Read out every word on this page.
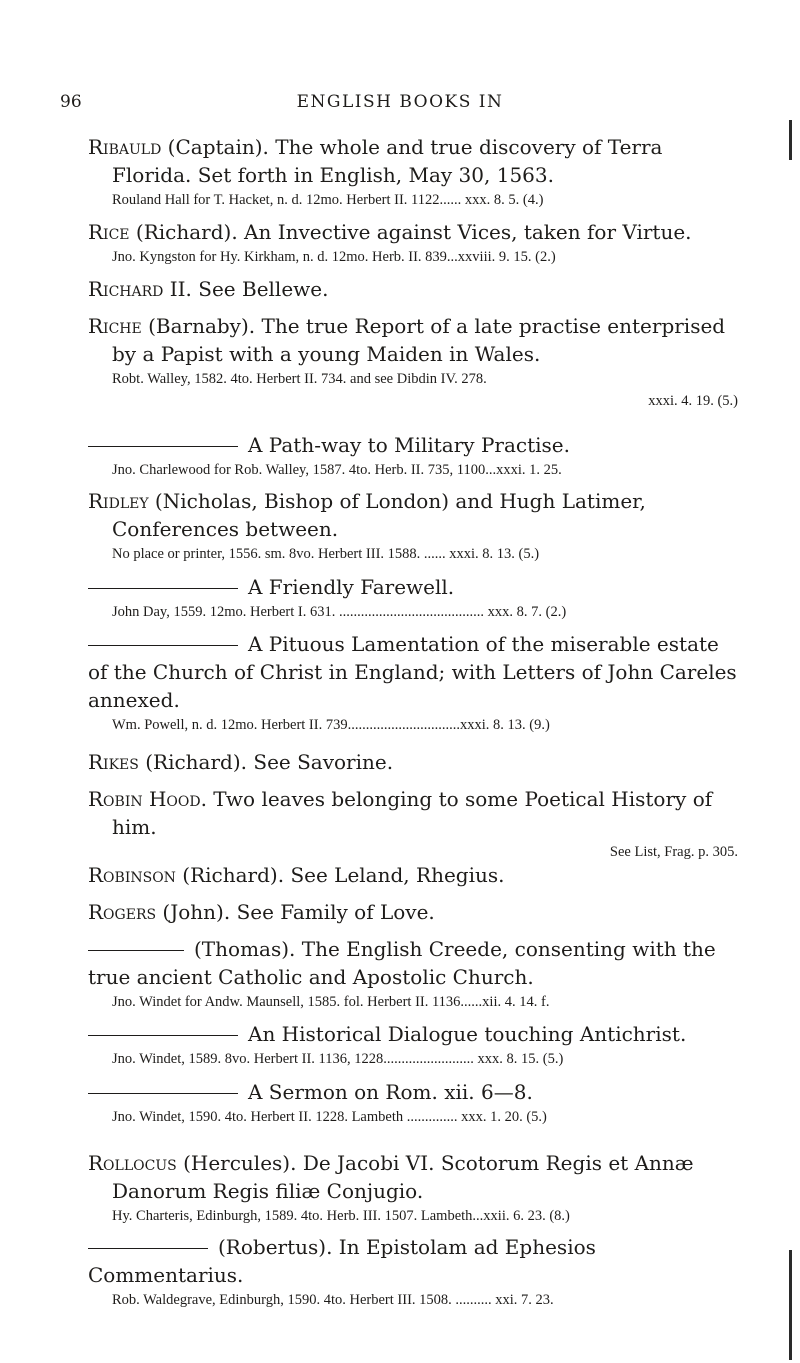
96	ENGLISH BOOKS IN

Ribauld (Captain). The whole and true discovery of Terra Florida. Set forth in English, May 30, 1563.

Rouland Hall for T. Hacket, n. d. 12mo. Herbert II. 1122...... xxx. 8. 5. (4.)

Rice (Richard). An Invective against Vices, taken for Virtue.

Jno. Kyngston for Hy. Kirkham, n. d. 12mo. Herb. II. 839...xxviii. 9. 15. (2.)

Richard II. See Bellewe.

Riche (Barnaby). The true Report of a late practise enterprised by a Papist with a young Maiden in Wales.

Robt. Walley, 1582. 4to. Herbert II. 734. and see Dibdin IV. 278.

xxxi. 4. 19. (5.)

A Path-way to Military Practise.

Jno. Charlewood for Rob. Walley, 1587. 4to. Herb. II. 735, 1100...xxxi. 1. 25.

Ridley (Nicholas, Bishop of London) and Hugh Latimer, Conferences between.

No place or printer, 1556. sm. 8vo. Herbert III. 1588. ...... xxxi. 8. 13. (5.)

A Friendly Farewell.

John Day, 1559. 12mo. Herbert I. 631. ........................................ xxx. 8. 7. (2.)

A Pituous Lamentation of the miserable estate of the Church of Christ in England; with Letters of John Careles annexed.

Wm. Powell, n. d. 12mo. Herbert II. 739...............................xxxi. 8. 13. (9.)

Rikes (Richard). See Savorine.

Robin Hood. Two leaves belonging to some Poetical History of him.

See List, Frag. p. 305.

Robinson (Richard). See Leland, Rhegius.

Rogers (John). See Family of Love.

(Thomas). The English Creede, consenting with the true ancient Catholic and Apostolic Church.

Jno. Windet for Andw. Maunsell, 1585. fol. Herbert II. 1136......xii. 4. 14. f.

An Historical Dialogue touching Antichrist.

Jno. Windet, 1589. 8vo. Herbert II. 1136, 1228......................... xxx. 8. 15. (5.)

A Sermon on Rom. xii. 6—8.

Jno. Windet, 1590. 4to. Herbert II. 1228. Lambeth .............. xxx. 1. 20. (5.)

Rollocus (Hercules). De Jacobi VI. Scotorum Regis et Annæ Danorum Regis filiæ Conjugio.

Hy. Charteris, Edinburgh, 1589. 4to. Herb. III. 1507. Lambeth...xxii. 6. 23. (8.)

(Robertus). In Epistolam ad Ephesios Commentarius.

Rob. Waldegrave, Edinburgh, 1590. 4to. Herbert III. 1508. .......... xxi. 7. 23.
